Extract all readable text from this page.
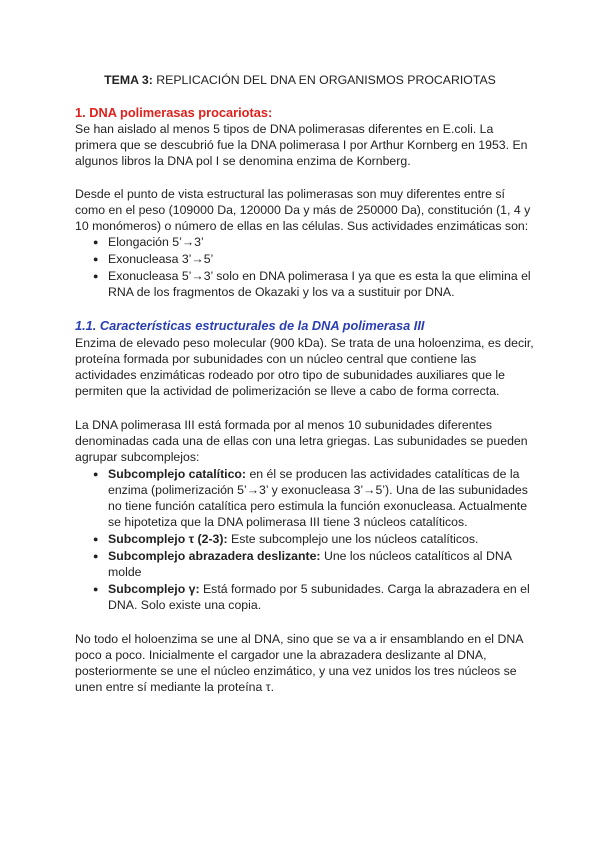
TEMA 3: REPLICACIÓN DEL DNA EN ORGANISMOS PROCARIOTAS
1. DNA polimerasas procariotas:
Se han aislado al menos 5 tipos de DNA polimerasas diferentes en E.coli. La
primera que se descubrió fue la DNA polimerasa I por Arthur Kornberg en 1953. En
algunos libros la DNA pol I se denomina enzima de Kornberg.
Desde el punto de vista estructural las polimerasas son muy diferentes entre sí
como en el peso (109000 Da, 120000 Da y más de 250000 Da), constitución (1, 4 y
10 monómeros) o número de ellas en las células. Sus actividades enzimáticas son:
● Elongación 5’→3’
● Exonucleasa 3’→5’
● Exonucleasa 5’→3’ solo en DNA polimerasa I ya que es esta la que elimina el
RNA de los fragmentos de Okazaki y los va a sustituir por DNA.
1.1. Características estructurales de la DNA polimerasa III
Enzima de elevado peso molecular (900 kDa). Se trata de una holoenzima, es decir,
proteína formada por subunidades con un núcleo central que contiene las
actividades enzimáticas rodeado por otro tipo de subunidades auxiliares que le
permiten que la actividad de polimerización se lleve a cabo de forma correcta.
La DNA polimerasa III está formada por al menos 10 subunidades diferentes
denominadas cada una de ellas con una letra griegas. Las subunidades se pueden
agrupar subcomplejos:
● Subcomplejo catalítico: en él se producen las actividades catalíticas de la
enzima (polimerización 5’→3’ y exonucleasa 3’→5’). Una de las subunidades
no tiene función catalítica pero estimula la función exonucleasa. Actualmente
se hipotetiza que la DNA polimerasa III tiene 3 núcleos catalíticos.
● Subcomplejo τ (2-3): Este subcomplejo une los núcleos catalíticos.
● Subcomplejo abrazadera deslizante: Une los núcleos catalíticos al DNA
molde
● Subcomplejo γ: Está formado por 5 subunidades. Carga la abrazadera en el
DNA. Solo existe una copia.
No todo el holoenzima se une al DNA, sino que se va a ir ensamblando en el DNA
poco a poco. Inicialmente el cargador une la abrazadera deslizante al DNA,
posteriormente se une el núcleo enzimático, y una vez unidos los tres núcleos se
unen entre sí mediante la proteína τ.
